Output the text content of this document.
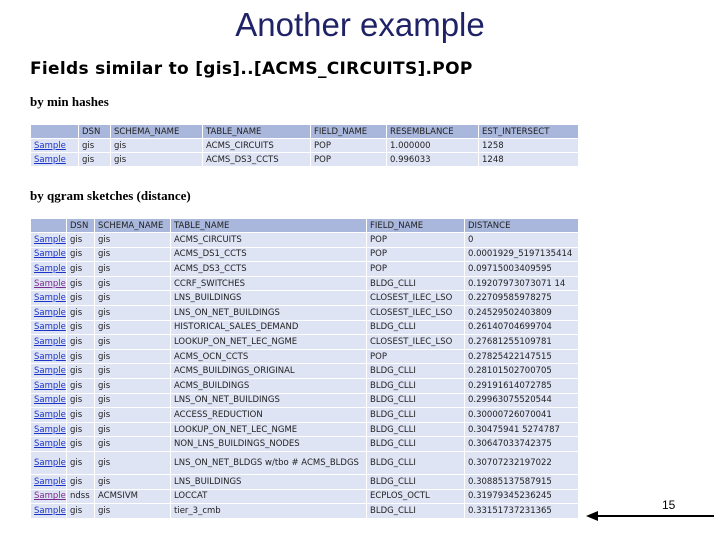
Another example
Fields similar to [gis]..[ACMS_CIRCUITS].POP
by min hashes
	DSN	SCHEMA_NAME	TABLE_NAME	FIELD_NAME	RESEMBLANCE	EST_INTERSECT
Sample	gis	gis	ACMS_CIRCUITS	POP	1.000000	1258
Sample	gis	gis	ACMS_DS3_CCTS	POP	0.996033	1248
by qgram sketches (distance)
	DSN	SCHEMA_NAME	TABLE_NAME	FIELD_NAME	DISTANCE
Sample	gis	gis	ACMS_CIRCUITS	POP	0
Sample	gis	gis	ACMS_DS1_CCTS	POP	0.0001929_5197135414
Sample	gis	gis	ACMS_DS3_CCTS	POP	0.09715003409595
Sample	gis	gis	CCRF_SWITCHES	BLDG_CLLI	0.19207973073071 14
Sample	gis	gis	LNS_BUILDINGS	CLOSEST_ILEC_LSO	0.22709585978275
Sample	gis	gis	LNS_ON_NET_BUILDINGS	CLOSEST_ILEC_LSO	0.24529502403809
Sample	gis	gis	HISTORICAL_SALES_DEMAND	BLDG_CLLI	0.26140704699704
Sample	gis	gis	LOOKUP_ON_NET_LEC_NGME	CLOSEST_ILEC_LSO	0.27681255109781
Sample	gis	gis	ACMS_OCN_CCTS	POP	0.27825422147515
Sample	gis	gis	ACMS_BUILDINGS_ORIGINAL	BLDG_CLLI	0.28101502700705
Sample	gis	gis	ACMS_BUILDINGS	BLDG_CLLI	0.29191614072785
Sample	gis	gis	LNS_ON_NET_BUILDINGS	BLDG_CLLI	0.29963075520544
Sample	gis	gis	ACCESS_REDUCTION	BLDG_CLLI	0.30000726070041
Sample	gis	gis	LOOKUP_ON_NET_LEC_NGME	BLDG_CLLI	0.30475941 5274787
Sample	gis	gis	NON_LNS_BUILDINGS_NODES	BLDG_CLLI	0.30647033742375
Sample	gis	gis	LNS_ON_NET_BLDGS w/tbo # ACMS_BLDGS	BLDG_CLLI	0.30707232197022
Sample	gis	gis	LNS_BUILDINGS	BLDG_CLLI	0.30885137587915
Sample	ndss	ACMSIVM	LOCCAT	ECPLOS_OCTL	0.31979345236245
Sample	gis	gis	tier_3_cmb	BLDG_CLLI	0.33151737231365	15
